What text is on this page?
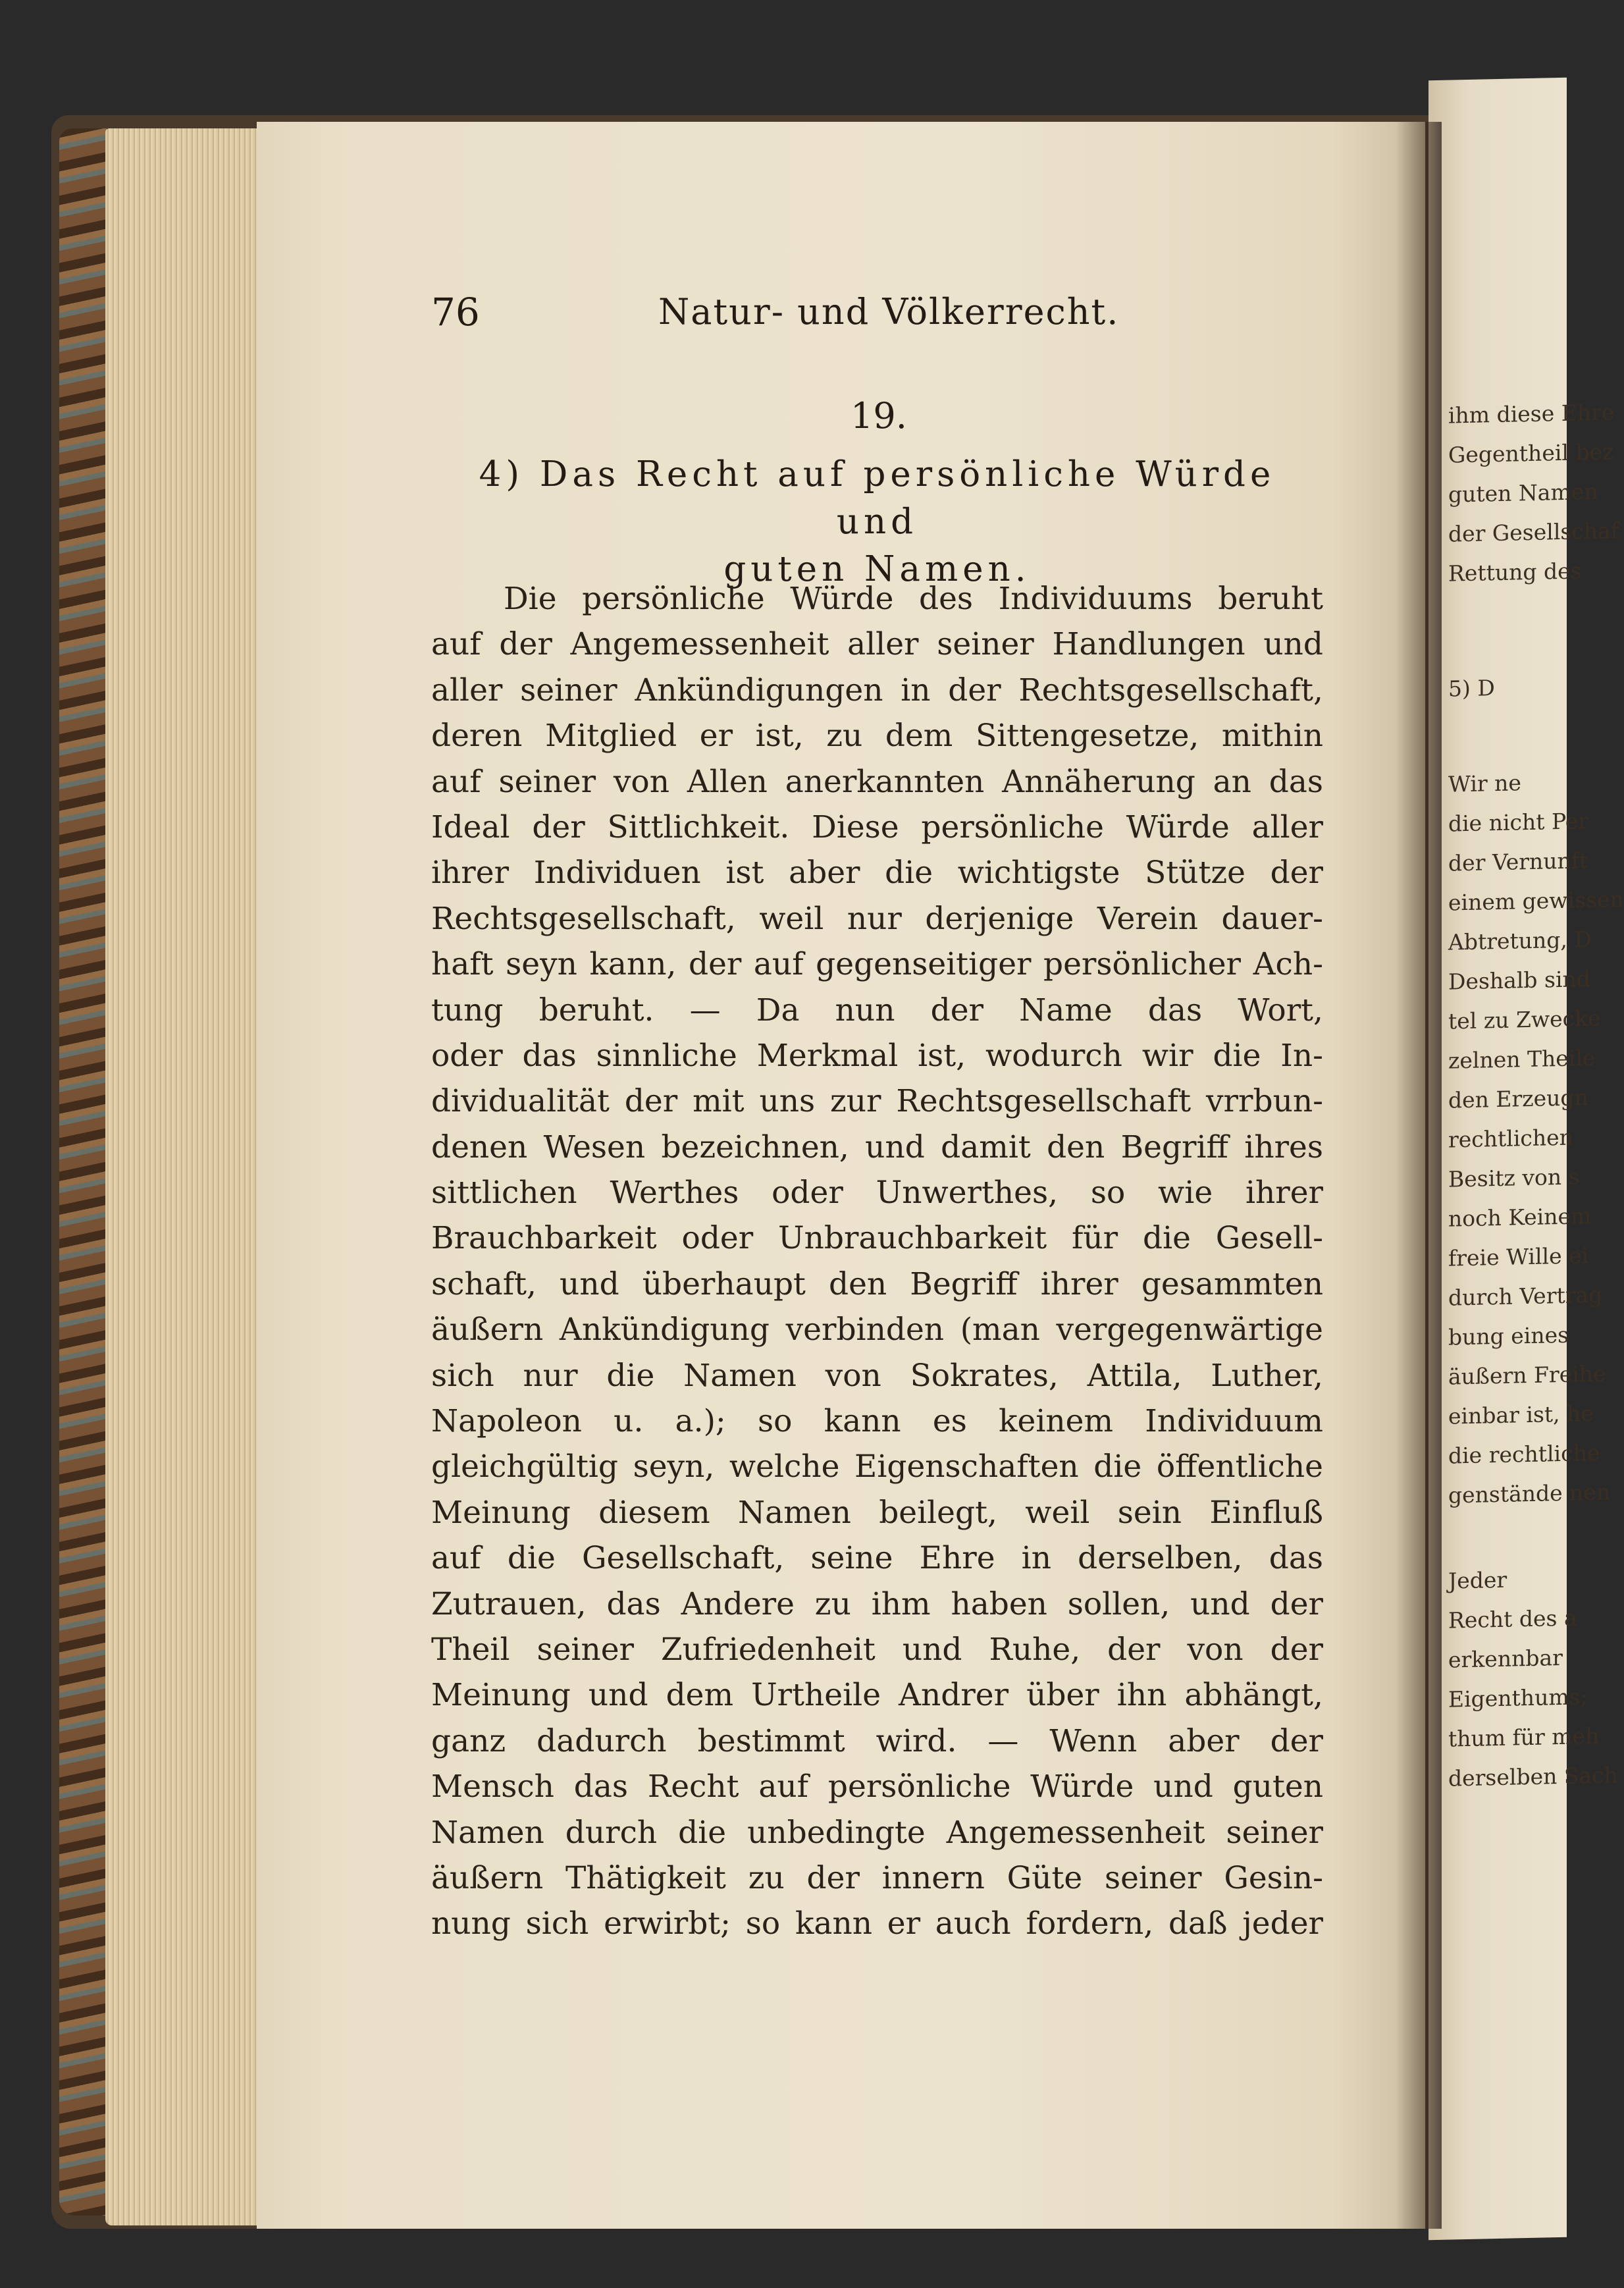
ihm diese Ehre
Gegentheil bez
guten Namen
der Gesellschaf
Rettung des
5) D
Wir ne
die nicht Per
der Vernunft
einem gewissen
Abtretung, D
Deshalb sind
tel zu Zwecke
zelnen Theile
den Erzeugn
rechtlichen
Besitz von s
noch Keinem
freie Wille ei
durch Vertrag
bung eines
äußern Freihe
einbar ist, he
die rechtliche
genstände nen
Jeder
Recht des a
erkennbar
Eigenthums;
thum für meh
derselben Sach
76	Natur- und Völkerrecht.
19.
4) Das Recht auf persönliche Würde und
guten Namen.
Die persönliche Würde des Individuums beruht
auf der Angemessenheit aller seiner Handlungen und
aller seiner Ankündigungen in der Rechtsgesellschaft,
deren Mitglied er ist, zu dem Sittengesetze, mithin
auf seiner von Allen anerkannten Annäherung an das
Ideal der Sittlichkeit. Diese persönliche Würde aller
ihrer Individuen ist aber die wichtigste Stütze der
Rechtsgesellschaft, weil nur derjenige Verein dauer-
haft seyn kann, der auf gegenseitiger persönlicher Ach-
tung beruht. — Da nun der Name das Wort,
oder das sinnliche Merkmal ist, wodurch wir die In-
dividualität der mit uns zur Rechtsgesellschaft vrrbun-
denen Wesen bezeichnen, und damit den Begriff ihres
sittlichen Werthes oder Unwerthes, so wie ihrer
Brauchbarkeit oder Unbrauchbarkeit für die Gesell-
schaft, und überhaupt den Begriff ihrer gesammten
äußern Ankündigung verbinden (man vergegenwärtige
sich nur die Namen von Sokrates, Attila, Luther,
Napoleon u. a.); so kann es keinem Individuum
gleichgültig seyn, welche Eigenschaften die öffentliche
Meinung diesem Namen beilegt, weil sein Einfluß
auf die Gesellschaft, seine Ehre in derselben, das
Zutrauen, das Andere zu ihm haben sollen, und der
Theil seiner Zufriedenheit und Ruhe, der von der
Meinung und dem Urtheile Andrer über ihn abhängt,
ganz dadurch bestimmt wird. — Wenn aber der
Mensch das Recht auf persönliche Würde und guten
Namen durch die unbedingte Angemessenheit seiner
äußern Thätigkeit zu der innern Güte seiner Gesin-
nung sich erwirbt; so kann er auch fordern, daß jeder
